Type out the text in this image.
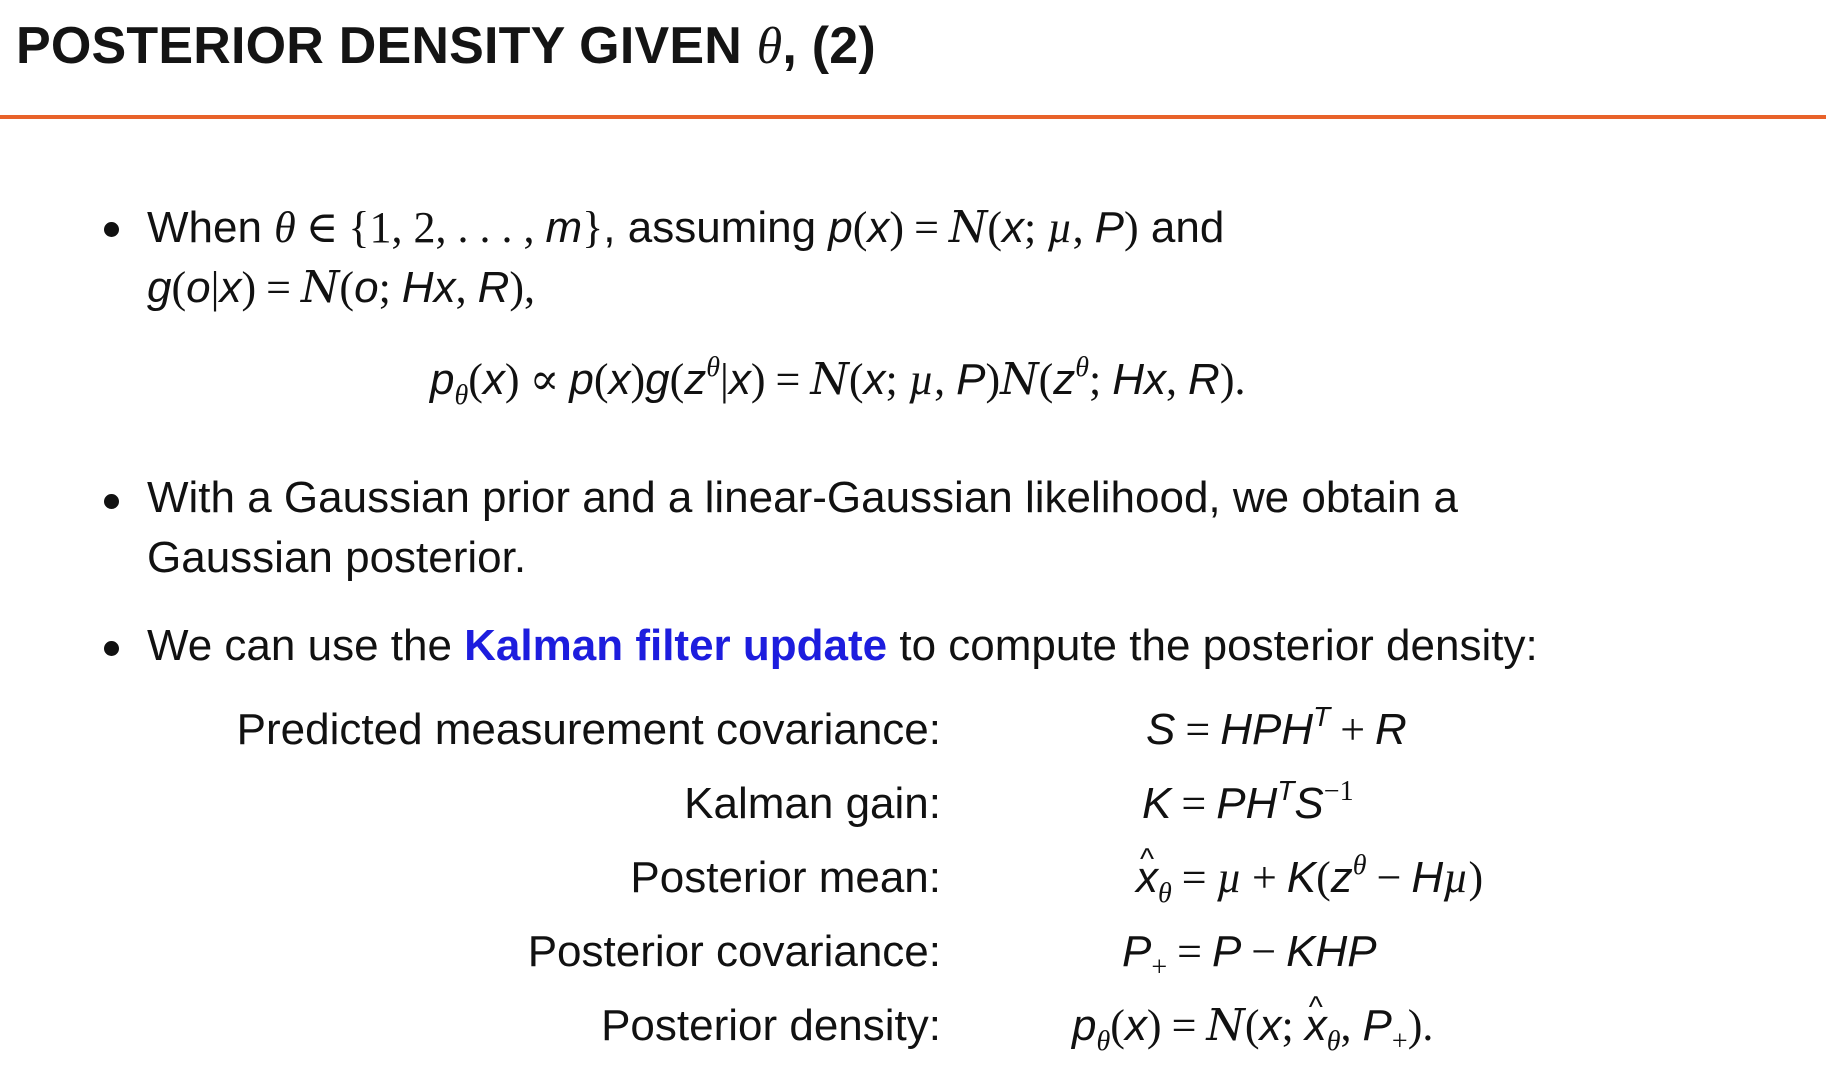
POSTERIOR DENSITY GIVEN θ, (2)
When θ ∈ {1, 2, . . . , m}, assuming p(x) = N(x; µ, P) and
g(o|x) = N(o; Hx, R),
$p_\theta(x) \propto p(x)g(z^\theta|x) = N(x$; µ, $P)N(z^\theta$; Hx, R).
With a Gaussian prior and a linear-Gaussian likelihood, we obtain a
Gaussian posterior.
We can use the Kalman filter update to compute the posterior density:
Predicted measurement covariance:	$S = HPH^T + R$
Kalman gain:	$K = PH^TS^{-1}$
Posterior mean:
^	$x_\theta = \mu + K(z^\theta - H\mu)$
Posterior covariance:	$P_+ = P$ − KHP
Posterior density:	$p_\theta(x) = N(x$; ^ $x_\theta$, $P_+$).
